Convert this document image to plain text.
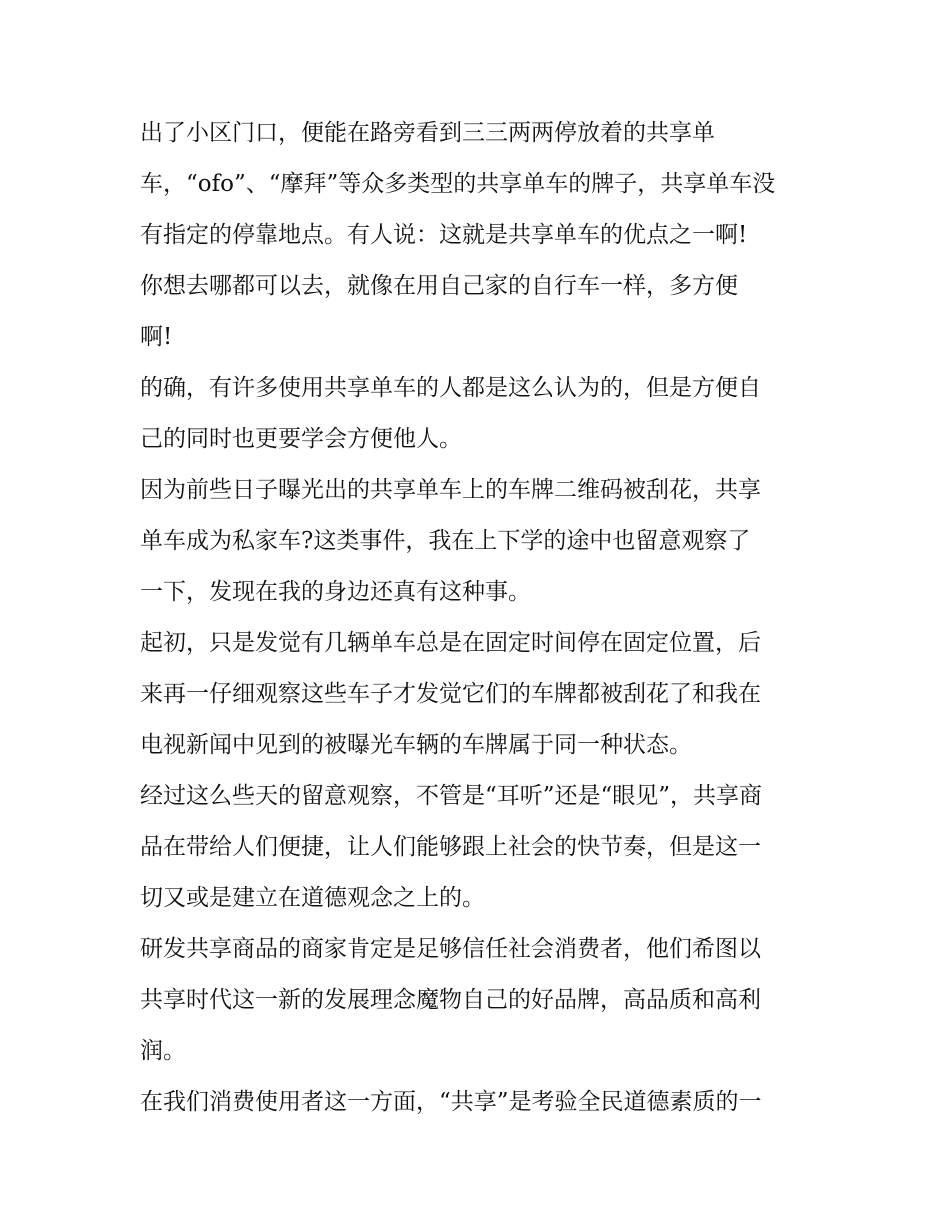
出了小区门口，便能在路旁看到三三两两停放着的共享单
车，“ofo”、“摩拜”等众多类型的共享单车的牌子，共享单车没
有指定的停靠地点。有人说：这就是共享单车的优点之一啊!
你想去哪都可以去，就像在用自己家的自行车一样，多方便
啊!
的确，有许多使用共享单车的人都是这么认为的，但是方便自
己的同时也更要学会方便他人。
因为前些日子曝光出的共享单车上的车牌二维码被刮花，共享
单车成为私家车?这类事件，我在上下学的途中也留意观察了
一下，发现在我的身边还真有这种事。
起初，只是发觉有几辆单车总是在固定时间停在固定位置，后
来再一仔细观察这些车子才发觉它们的车牌都被刮花了和我在
电视新闻中见到的被曝光车辆的车牌属于同一种状态。
经过这么些天的留意观察，不管是“耳听”还是“眼见”，共享商
品在带给人们便捷，让人们能够跟上社会的快节奏，但是这一
切又或是建立在道德观念之上的。
研发共享商品的商家肯定是足够信任社会消费者，他们希图以
共享时代这一新的发展理念魔物自己的好品牌，高品质和高利
润。
在我们消费使用者这一方面，“共享”是考验全民道德素质的一
